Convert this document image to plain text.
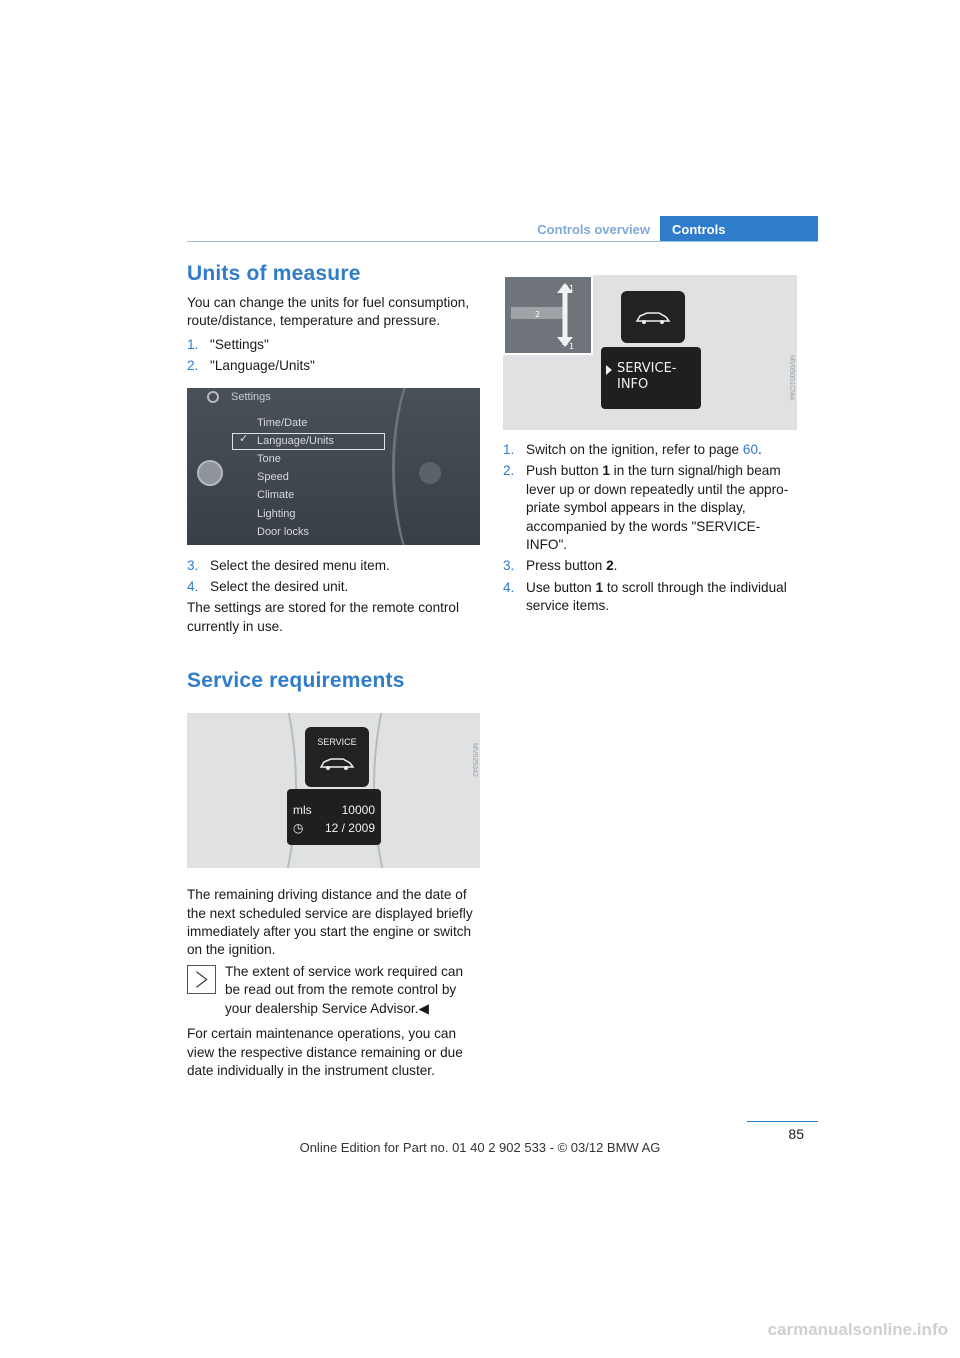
Controls overview	Controls
Units of measure

You can change the units for fuel consumption, route/distance, temperature and pressure.

1. "Settings"
2. "Language/Units"
Settings
✓
Time/Date
Language/Units
Tone
Speed
Climate
Lighting
Door locks
3. Select the desired menu item.
4. Select the desired unit.

The settings are stored for the remote control currently in use.

Service requirements
SERVICE
mls 10000
◷ 12 / 2009
MV025342

The remaining driving distance and the date of the next scheduled service are displayed briefly immediately after you start the engine or switch on the ignition.

The extent of service work required can be read out from the remote control by your dealership Service Advisor.◀

For certain maintenance operations, you can view the respective distance remaining or due date individually in the instrument cluster.

1
1
2
SERVICE-
INFO	MV05001CMA
1. Switch on the ignition, refer to page 60.
2. Push button 1 in the turn signal/high beam lever up or down repeatedly until the appropriate symbol appears in the display, accompanied by the words "SERVICE-INFO".
3. Press button 2.
4. Use button 1 to scroll through the individual service items.
85
Online Edition for Part no. 01 40 2 902 533 - © 03/12 BMW AG
carmanualsonline.info
